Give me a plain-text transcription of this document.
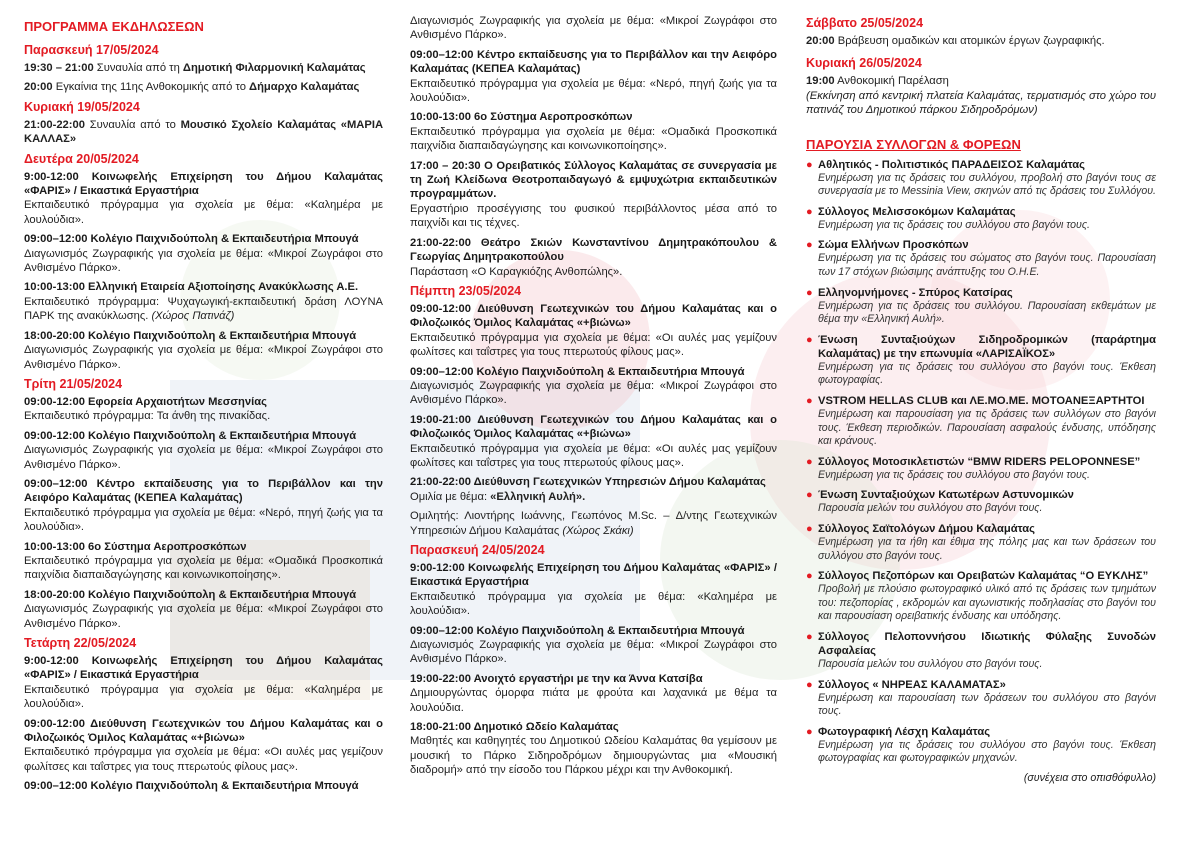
ΠΡΟΓΡΑΜΜΑ ΕΚΔΗΛΩΣΕΩΝ
Παρασκευή 17/05/2024
19:30 – 21:00 Συναυλία από τη Δημοτική Φιλαρμονική Καλαμάτας
20:00 Εγκαίνια της 11ης Ανθοκομικής από το Δήμαρχο Καλαμάτας
Κυριακή 19/05/2024
21:00-22:00 Συναυλία από το Μουσικό Σχολείο Καλαμάτας «ΜΑΡΙΑ ΚΑΛΛΑΣ»
Δευτέρα 20/05/2024
9:00-12:00 Κοινωφελής Επιχείρηση του Δήμου Καλαμάτας «ΦΑΡΙΣ» / Εικαστικά Εργαστήρια
Εκπαιδευτικό πρόγραμμα για σχολεία με θέμα: «Καλημέρα με λουλούδια».
09:00–12:00 Κολέγιο Παιχνιδούπολη & Εκπαιδευτήρια Μπουγά
Διαγωνισμός Ζωγραφικής για σχολεία με θέμα: «Μικροί Ζωγράφοι στο Ανθισμένο Πάρκο».
10:00-13:00 Ελληνική Εταιρεία Αξιοποίησης Ανακύκλωσης Α.Ε.
Εκπαιδευτικό πρόγραμμα: Ψυχαγωγική-εκπαιδευτική δράση ΛΟΥΝΑ ΠΑΡΚ της ανακύκλωσης. (Χώρος Πατινάζ)
18:00-20:00 Κολέγιο Παιχνιδούπολη & Εκπαιδευτήρια Μπουγά
Διαγωνισμός Ζωγραφικής για σχολεία με θέμα: «Μικροί Ζωγράφοι στο Ανθισμένο Πάρκο».
Τρίτη 21/05/2024
09:00-12:00 Εφορεία Αρχαιοτήτων Μεσσηνίας
Εκπαιδευτικό πρόγραμμα: Τα άνθη της πινακίδας.
09:00-12:00 Κολέγιο Παιχνιδούπολη & Εκπαιδευτήρια Μπουγά
Διαγωνισμός Ζωγραφικής για σχολεία με θέμα: «Μικροί Ζωγράφοι στο Ανθισμένο Πάρκο».
09:00–12:00 Κέντρο εκπαίδευσης για το Περιβάλλον και την Αειφόρο Καλαμάτας (ΚΕΠΕΑ Καλαμάτας)
Εκπαιδευτικό πρόγραμμα για σχολεία με θέμα: «Νερό, πηγή ζωής για τα λουλούδια».
10:00-13:00 6ο Σύστημα Αεροπροσκόπων
Εκπαιδευτικό πρόγραμμα για σχολεία με θέμα: «Ομαδικά Προσκοπικά παιχνίδια διαπαιδαγώγησης και κοινωνικοποίησης».
18:00-20:00 Κολέγιο Παιχνιδούπολη & Εκπαιδευτήρια Μπουγά
Διαγωνισμός Ζωγραφικής για σχολεία με θέμα: «Μικροί Ζωγράφοι στο Ανθισμένο Πάρκο».
Τετάρτη 22/05/2024
9:00-12:00 Κοινωφελής Επιχείρηση του Δήμου Καλαμάτας «ΦΑΡΙΣ» / Εικαστικά Εργαστήρια
Εκπαιδευτικό πρόγραμμα για σχολεία με θέμα: «Καλημέρα με λουλούδια».
09:00-12:00 Διεύθυνση Γεωτεχνικών του Δήμου Καλαμάτας και ο Φιλοζωικός Όμιλος Καλαμάτας «+βιώνω»
Εκπαιδευτικό πρόγραμμα για σχολεία με θέμα: «Οι αυλές μας γεμίζουν φωλίτσες και ταΐστρες για τους πτερωτούς φίλους μας».
09:00–12:00 Κολέγιο Παιχνιδούπολη & Εκπαιδευτήρια Μπουγά
Διαγωνισμός Ζωγραφικής για σχολεία με θέμα: «Μικροί Ζωγράφοι στο Ανθισμένο Πάρκο».
09:00–12:00 Κέντρο εκπαίδευσης για το Περιβάλλον και την Αειφόρο Καλαμάτας (ΚΕΠΕΑ Καλαμάτας)
Εκπαιδευτικό πρόγραμμα για σχολεία με θέμα: «Νερό, πηγή ζωής για τα λουλούδια».
10:00-13:00 6ο Σύστημα Αεροπροσκόπων
Εκπαιδευτικό πρόγραμμα για σχολεία με θέμα: «Ομαδικά Προσκοπικά παιχνίδια διαπαιδαγώγησης και κοινωνικοποίησης».
17:00 – 20:30 Ο Ορειβατικός Σύλλογος Καλαμάτας σε συνεργασία με τη Ζωή Κλείδωνα Θεοτροπαιδαγωγό & εμψυχώτρια εκπαιδευτικών προγραμμάτων.
Εργαστήριο προσέγγισης του φυσικού περιβάλλοντος μέσα από το παιχνίδι και τις τέχνες.
21:00-22:00 Θεάτρο Σκιών Κωνσταντίνου Δημητρακόπουλου & Γεωργίας Δημητρακοπούλου
Παράσταση «Ο Καραγκιόζης Ανθοπώλης».
Πέμπτη 23/05/2024
09:00-12:00 Διεύθυνση Γεωτεχνικών του Δήμου Καλαμάτας και ο Φιλοζωικός Όμιλος Καλαμάτας «+βιώνω»
Εκπαιδευτικό πρόγραμμα για σχολεία με θέμα: «Οι αυλές μας γεμίζουν φωλίτσες και ταΐστρες για τους πτερωτούς φίλους μας».
09:00–12:00 Κολέγιο Παιχνιδούπολη & Εκπαιδευτήρια Μπουγά
Διαγωνισμός Ζωγραφικής για σχολεία με θέμα: «Μικροί Ζωγράφοι στο Ανθισμένο Πάρκο».
19:00-21:00 Διεύθυνση Γεωτεχνικών του Δήμου Καλαμάτας και ο Φιλοζωικός Όμιλος Καλαμάτας «+βιώνω»
Εκπαιδευτικό πρόγραμμα για σχολεία με θέμα: «Οι αυλές μας γεμίζουν φωλίτσες και ταΐστρες για τους πτερωτούς φίλους μας».
21:00-22:00 Διεύθυνση Γεωτεχνικών Υπηρεσιών Δήμου Καλαμάτας
Ομιλία με θέμα: «Ελληνική Αυλή».
Ομιλητής: Λιοντήρης Ιωάννης, Γεωπόνος M.Sc. – Δ/ντης Γεωτεχνικών Υπηρεσιών Δήμου Καλαμάτας (Χώρος Σκάκι)
Παρασκευή 24/05/2024
9:00-12:00 Κοινωφελής Επιχείρηση του Δήμου Καλαμάτας «ΦΑΡΙΣ» / Εικαστικά Εργαστήρια
Εκπαιδευτικό πρόγραμμα για σχολεία με θέμα: «Καλημέρα με λουλούδια».
09:00–12:00 Κολέγιο Παιχνιδούπολη & Εκπαιδευτήρια Μπουγά
Διαγωνισμός Ζωγραφικής για σχολεία με θέμα: «Μικροί Ζωγράφοι στο Ανθισμένο Πάρκο».
19:00-22:00 Ανοιχτό εργαστήρι με την κα Άννα Κατσίβα
Δημιουργώντας όμορφα πιάτα με φρούτα και λαχανικά με θέμα τα λουλούδια.
18:00-21:00 Δημοτικό Ωδείο Καλαμάτας
Μαθητές και καθηγητές του Δημοτικού Ωδείου Καλαμάτας θα γεμίσουν με μουσική το Πάρκο Σιδηροδρόμων δημιουργώντας μια «Μουσική διαδρομή» από την είσοδο του Πάρκου μέχρι και την Ανθοκομική.
Σάββατο 25/05/2024
20:00 Βράβευση ομαδικών και ατομικών έργων ζωγραφικής.
Κυριακή 26/05/2024
19:00 Ανθοκομική Παρέλαση
(Εκκίνηση από κεντρική πλατεία Καλαμάτας, τερματισμός στο χώρο του πατινάζ του Δημοτικού πάρκου Σιδηροδρόμων)
ΠΑΡΟΥΣΙΑ ΣΥΛΛΟΓΩΝ & ΦΟΡΕΩΝ
● Αθλητικός - Πολιτιστικός ΠΑΡΑΔΕΙΣΟΣ Καλαμάτας
Ενημέρωση για τις δράσεις του συλλόγου, προβολή στο βαγόνι τους σε συνεργασία με το Messinia View, σκηνών από τις δράσεις του Συλλόγου.
● Σύλλογος Μελισσοκόμων Καλαμάτας
Ενημέρωση για τις δράσεις του συλλόγου στο βαγόνι τους.
● Σώμα Ελλήνων Προσκόπων
Ενημέρωση για τις δράσεις του σώματος στο βαγόνι τους. Παρουσίαση των 17 στόχων βιώσιμης ανάπτυξης του Ο.Η.Ε.
● Ελληνομνήμονες - Σπύρος Κατσίρας
Ενημέρωση για τις δράσεις του συλλόγου. Παρουσίαση εκθεμάτων με θέμα την «Ελληνική Αυλή».
● Ένωση Συνταξιούχων Σιδηροδρομικών (παράρτημα Καλαμάτας) με την επωνυμία «ΛΑΡΙΣΑΪΚΟΣ»
Ενημέρωση για τις δράσεις του συλλόγου στο βαγόνι τους. Έκθεση φωτογραφίας.
● VSTROM HELLAS CLUB και ΛΕ.ΜΟ.ΜΕ. ΜΟΤΟΑΝΕΞΑΡΤΗΤΟΙ
Ενημέρωση και παρουσίαση για τις δράσεις των συλλόγων στο βαγόνι τους. Έκθεση περιοδικών. Παρουσίαση ασφαλούς ένδυσης, υπόδησης και κράνους.
● Σύλλογος Μοτοσικλετιστών “BMW RIDERS PELOPONNESE”
Ενημέρωση για τις δράσεις του συλλόγου στο βαγόνι τους.
● Ένωση Συνταξιούχων Κατωτέρων Αστυνομικών
Παρουσία μελών του συλλόγου στο βαγόνι τους.
● Σύλλογος Σαϊτολόγων Δήμου Καλαμάτας
Ενημέρωση για τα ήθη και έθιμα της πόλης μας και των δράσεων του συλλόγου στο βαγόνι τους.
● Σύλλογος Πεζοπόρων και Ορειβατών Καλαμάτας “Ο ΕΥΚΛΗΣ”
Προβολή με πλούσιο φωτογραφικό υλικό από τις δράσεις των τμημάτων του: πεζοπορίας , εκδρομών και αγωνιστικής ποδηλασίας στο βαγόνι του και παρουσίαση ορειβατικής ένδυσης και υπόδησης.
● Σύλλογος Πελοποννήσου Ιδιωτικής Φύλαξης Συνοδών Ασφαλείας
Παρουσία μελών του συλλόγου στο βαγόνι τους.
● Σύλλογος « ΝΗΡΕΑΣ ΚΑΛΑΜΑΤΑΣ»
Ενημέρωση και παρουσίαση των δράσεων του συλλόγου στο βαγόνι τους.
● Φωτογραφική Λέσχη Καλαμάτας
Ενημέρωση για τις δράσεις του συλλόγου στο βαγόνι τους. Έκθεση φωτογραφίας και φωτογραφικών μηχανών.
(συνέχεια στο οπισθόφυλλο)
